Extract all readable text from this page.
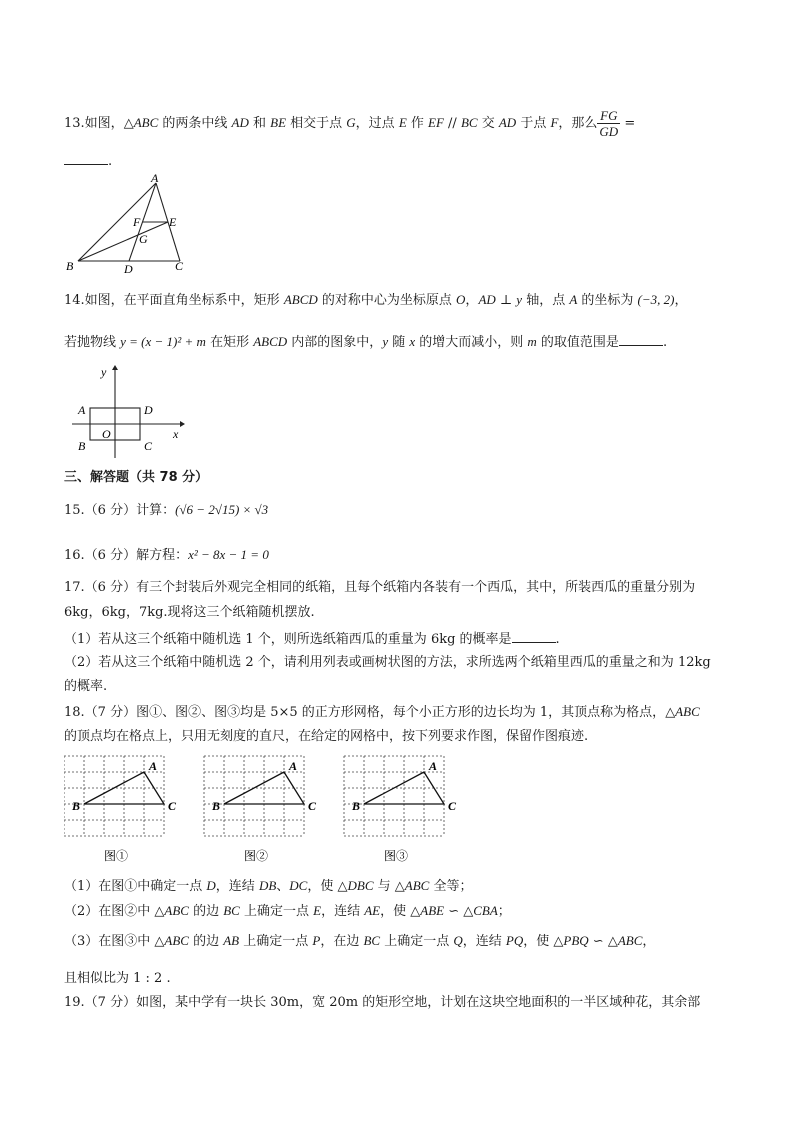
13.如图，△ABC 的两条中线 AD 和 BE 相交于点 G，过点 E 作 EF // BC 交 AD 于点 F，那么 $\frac{FG}{GD}$ =
.
A
B	C
D
E
F
G
14.如图，在平面直角坐标系中，矩形 ABCD 的对称中心为坐标原点 O，AD ⊥ y 轴，点 A 的坐标为 (−3, 2)，
若抛物线 y = (x − 1)² + m 在矩形 ABCD 内部的图象中，y 随 x 的增大而减小，则 m 的取值范围是	.
y
x
A
B	C
D
O
三、解答题（共 78 分）
15.（6 分）计算：(√6 − 2√15) × √3
16.（6 分）解方程：x² − 8x − 1 = 0
17.（6 分）有三个封装后外观完全相同的纸箱，且每个纸箱内各装有一个西瓜，其中，所装西瓜的重量分别为
6kg，6kg，7kg.现将这三个纸箱随机摆放.
（1）若从这三个纸箱中随机选 1 个，则所选纸箱西瓜的重量为 6kg 的概率是	.
（2）若从这三个纸箱中随机选 2 个，请利用列表或画树状图的方法，求所选两个纸箱里西瓜的重量之和为 12kg
的概率.
18.（7 分）图①、图②、图③均是 5×5 的正方形网格，每个小正方形的边长均为 1，其顶点称为格点，△ABC
的顶点均在格点上，只用无刻度的直尺，在给定的网格中，按下列要求作图，保留作图痕迹.
A
B	C
图①
A
B	C
图②
A
B	C
图③
（1）在图①中确定一点 D，连结 DB、DC，使 △DBC 与 △ABC 全等；
（2）在图②中 △ABC 的边 BC 上确定一点 E，连结 AE，使 △ABE ∽ △CBA；
（3）在图③中 △ABC 的边 AB 上确定一点 P，在边 BC 上确定一点 Q，连结 PQ，使 △PBQ ∽ △ABC，
且相似比为 1 : 2 .
19.（7 分）如图，某中学有一块长 30m，宽 20m 的矩形空地，计划在这块空地面积的一半区域种花，其余部
